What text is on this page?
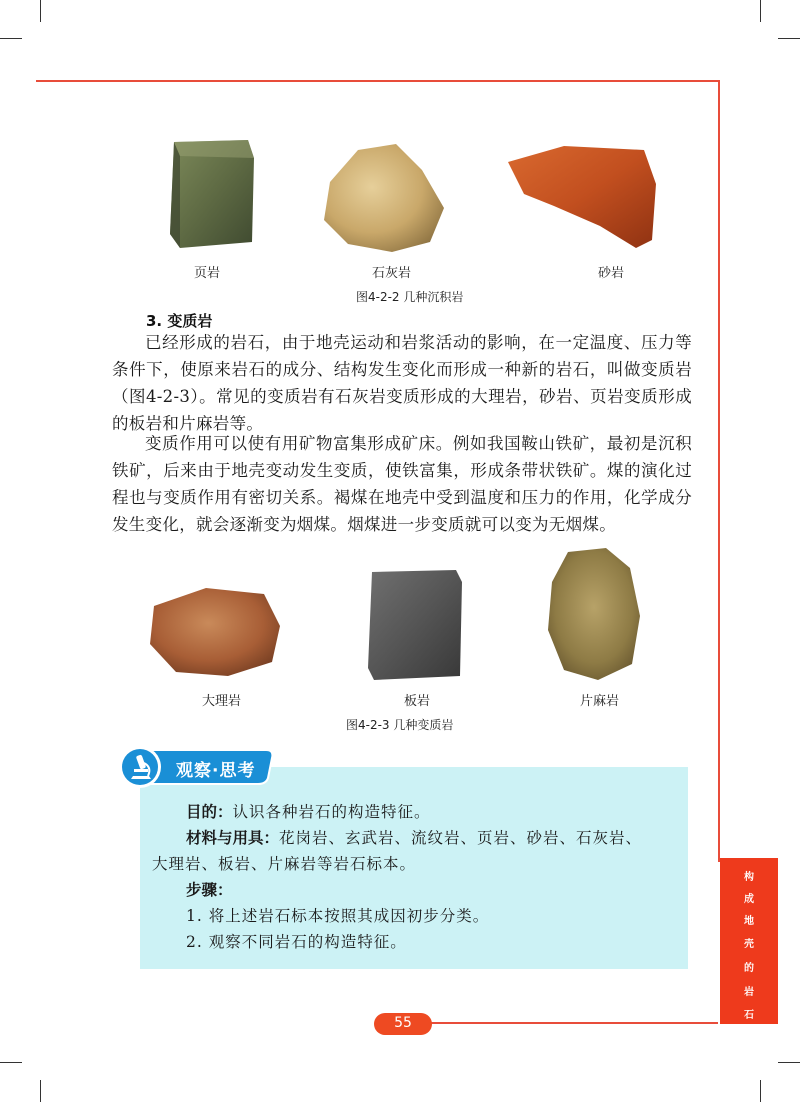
页岩	石灰岩	砂岩
图4-2-2 几种沉积岩
3. 变质岩
已经形成的岩石，由于地壳运动和岩浆活动的影响，在一定温度、压力等条件下，使原来岩石的成分、结构发生变化而形成一种新的岩石，叫做变质岩（图4-2-3）。常见的变质岩有石灰岩变质形成的大理岩，砂岩、页岩变质形成的板岩和片麻岩等。
变质作用可以使有用矿物富集形成矿床。例如我国鞍山铁矿，最初是沉积铁矿，后来由于地壳变动发生变质，使铁富集，形成条带状铁矿。煤的演化过程也与变质作用有密切关系。褐煤在地壳中受到温度和压力的作用，化学成分发生变化，就会逐渐变为烟煤。烟煤进一步变质就可以变为无烟煤。
大理岩	板岩	片麻岩
图4-2-3 几种变质岩
观察·思考
目的：认识各种岩石的构造特征。
材料与用具：花岗岩、玄武岩、流纹岩、页岩、砂岩、石灰岩、
大理岩、板岩、片麻岩等岩石标本。
步骤：
1. 将上述岩石标本按照其成因初步分类。
2. 观察不同岩石的构造特征。
构
成
地
壳
的
岩
石
55
